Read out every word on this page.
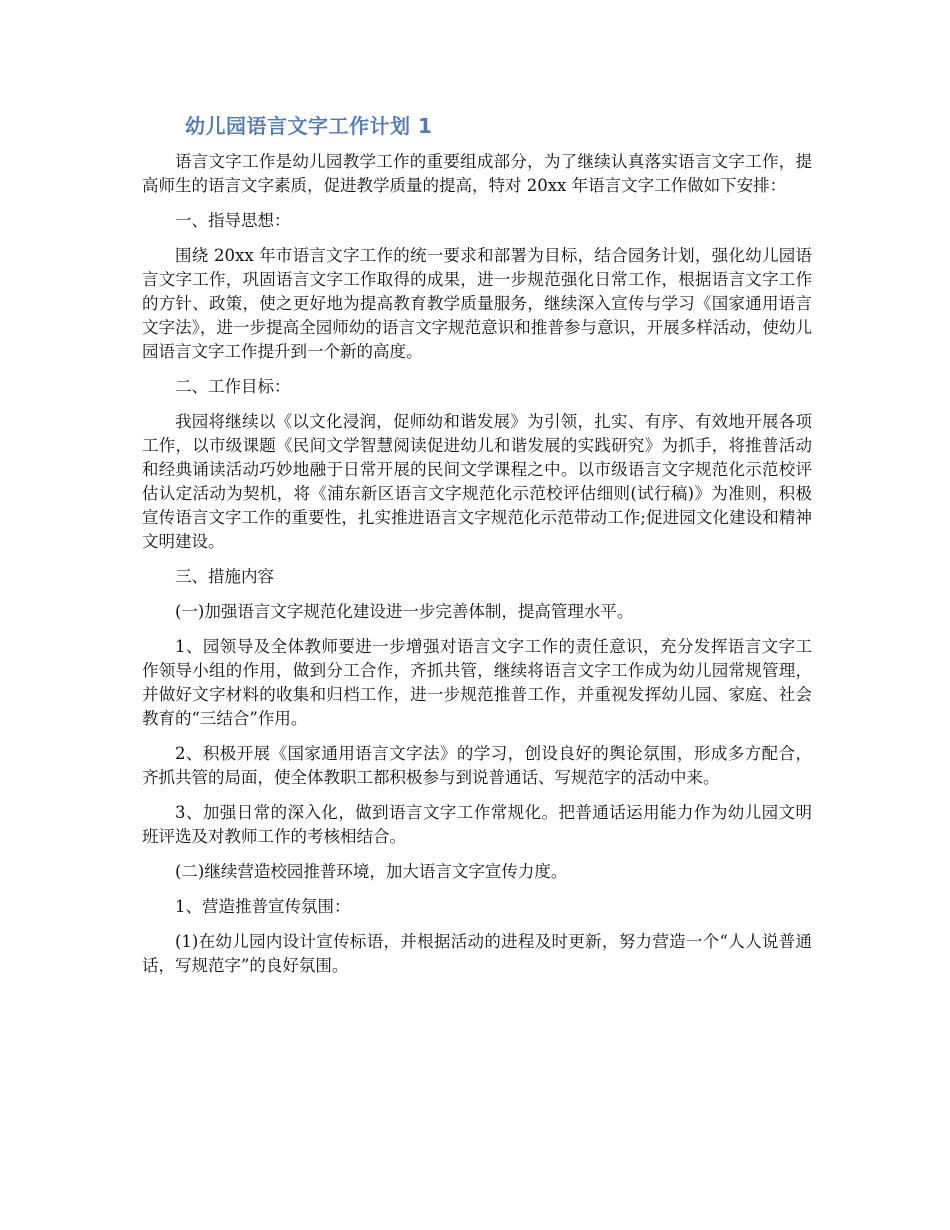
幼儿园语言文字工作计划 1

语言文字工作是幼儿园教学工作的重要组成部分，为了继续认真落实语言文字工作，提高师生的语言文字素质，促进教学质量的提高，特对 20xx 年语言文字工作做如下安排：

一、指导思想：

围绕 20xx 年市语言文字工作的统一要求和部署为目标，结合园务计划，强化幼儿园语言文字工作，巩固语言文字工作取得的成果，进一步规范强化日常工作，根据语言文字工作的方针、政策，使之更好地为提高教育教学质量服务，继续深入宣传与学习《国家通用语言文字法》，进一步提高全园师幼的语言文字规范意识和推普参与意识，开展多样活动，使幼儿园语言文字工作提升到一个新的高度。

二、工作目标：

我园将继续以《以文化浸润，促师幼和谐发展》为引领，扎实、有序、有效地开展各项工作，以市级课题《民间文学智慧阅读促进幼儿和谐发展的实践研究》为抓手，将推普活动和经典诵读活动巧妙地融于日常开展的民间文学课程之中。以市级语言文字规范化示范校评估认定活动为契机，将《浦东新区语言文字规范化示范校评估细则(试行稿)》为准则，积极宣传语言文字工作的重要性，扎实推进语言文字规范化示范带动工作;促进园文化建设和精神文明建设。

三、措施内容

(一)加强语言文字规范化建设进一步完善体制，提高管理水平。

1、园领导及全体教师要进一步增强对语言文字工作的责任意识，充分发挥语言文字工作领导小组的作用，做到分工合作，齐抓共管，继续将语言文字工作成为幼儿园常规管理，并做好文字材料的收集和归档工作，进一步规范推普工作，并重视发挥幼儿园、家庭、社会教育的“三结合”作用。

2、积极开展《国家通用语言文字法》的学习，创设良好的舆论氛围，形成多方配合，齐抓共管的局面，使全体教职工都积极参与到说普通话、写规范字的活动中来。

3、加强日常的深入化，做到语言文字工作常规化。把普通话运用能力作为幼儿园文明班评选及对教师工作的考核相结合。

(二)继续营造校园推普环境，加大语言文字宣传力度。

1、营造推普宣传氛围：

(1)在幼儿园内设计宣传标语，并根据活动的进程及时更新，努力营造一个“人人说普通话，写规范字”的良好氛围。
